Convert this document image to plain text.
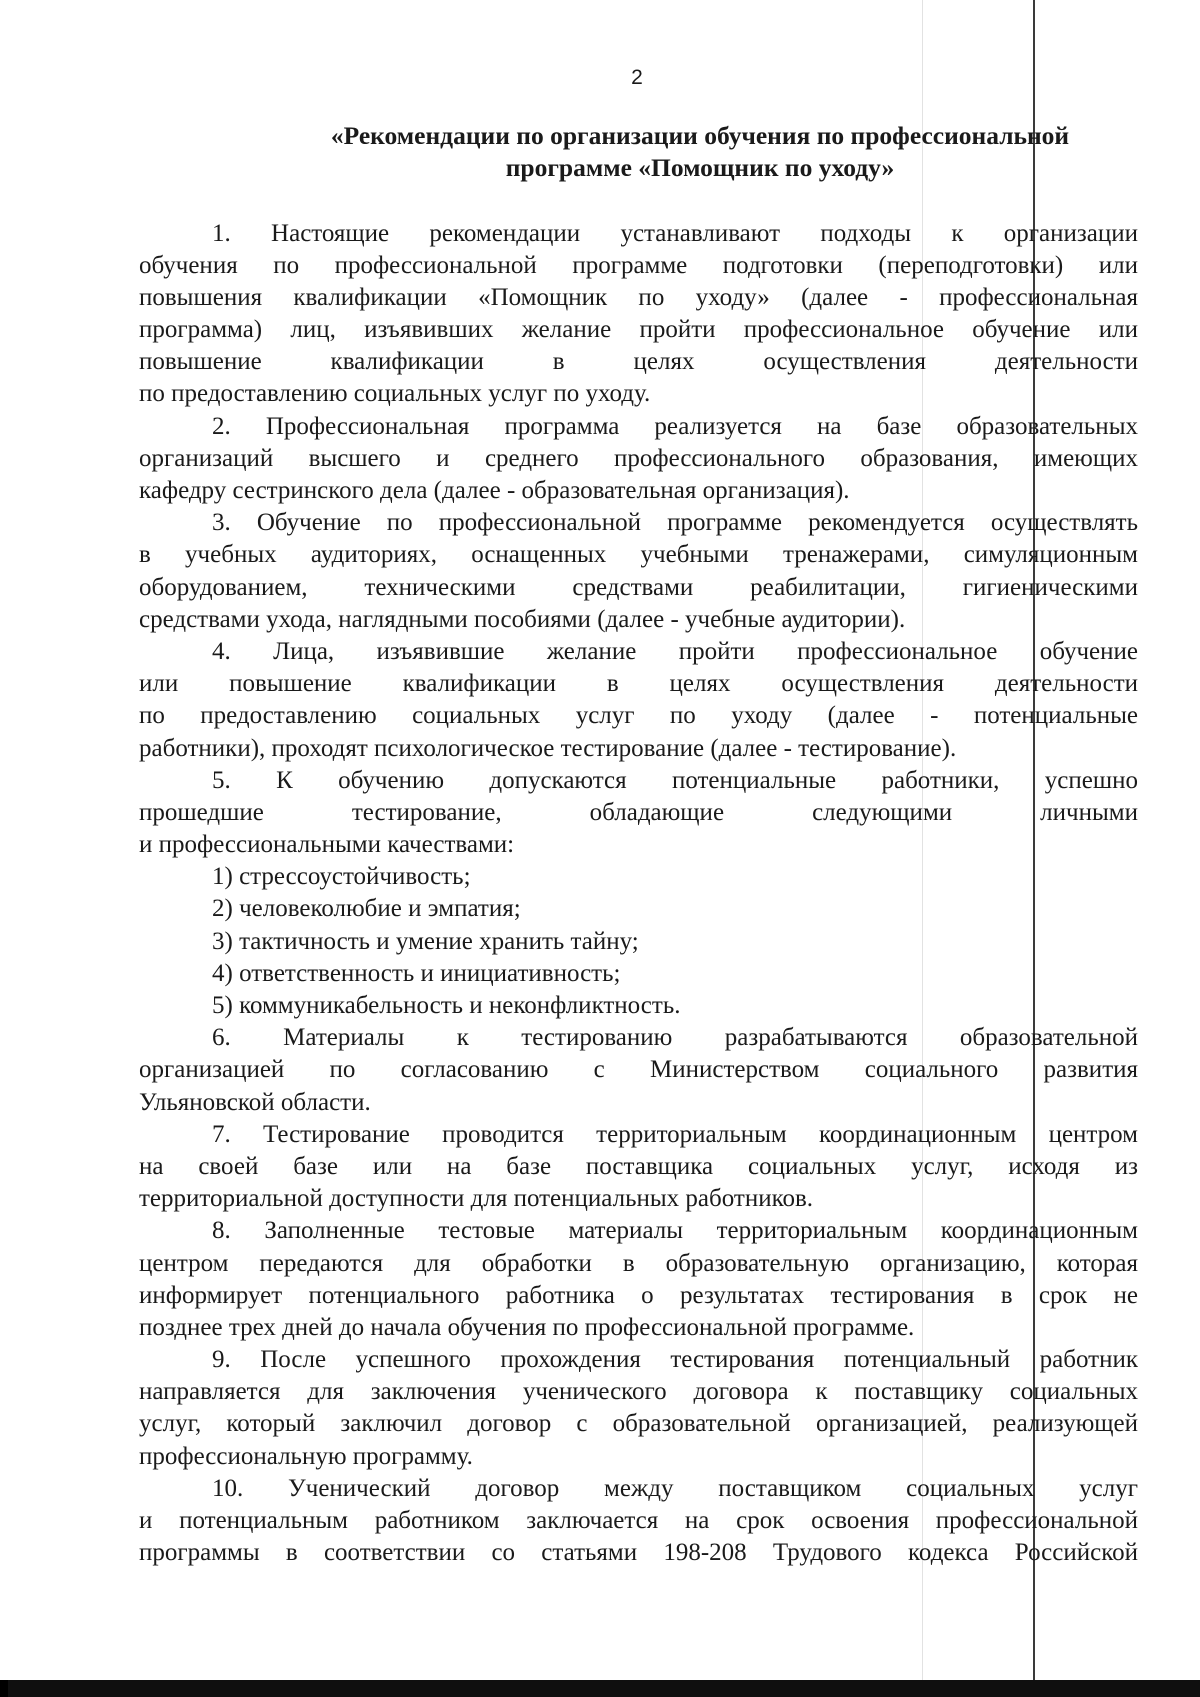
2
«Рекомендации по организации обучения по профессиональной
программе «Помощник по уходу»
1. Настоящие рекомендации устанавливают подходы к организации
обучения по профессиональной программе подготовки (переподготовки) или
повышения квалификации «Помощник по уходу» (далее - профессиональная
программа) лиц, изъявивших желание пройти профессиональное обучение или
повышение квалификации в целях осуществления деятельности
по предоставлению социальных услуг по уходу.
2. Профессиональная программа реализуется на базе образовательных
организаций высшего и среднего профессионального образования, имеющих
кафедру сестринского дела (далее - образовательная организация).
3. Обучение по профессиональной программе рекомендуется осуществлять
в учебных аудиториях, оснащенных учебными тренажерами, симуляционным
оборудованием, техническими средствами реабилитации, гигиеническими
средствами ухода, наглядными пособиями (далее - учебные аудитории).
4. Лица, изъявившие желание пройти профессиональное обучение
или повышение квалификации в целях осуществления деятельности
по предоставлению социальных услуг по уходу (далее - потенциальные
работники), проходят психологическое тестирование (далее - тестирование).
5. К обучению допускаются потенциальные работники, успешно
прошедшие тестирование, обладающие следующими личными
и профессиональными качествами:
1) стрессоустойчивость;
2) человеколюбие и эмпатия;
3) тактичность и умение хранить тайну;
4) ответственность и инициативность;
5) коммуникабельность и неконфликтность.
6. Материалы к тестированию разрабатываются образовательной
организацией по согласованию с Министерством социального развития
Ульяновской области.
7. Тестирование проводится территориальным координационным центром
на своей базе или на базе поставщика социальных услуг, исходя из
территориальной доступности для потенциальных работников.
8. Заполненные тестовые материалы территориальным координационным
центром передаются для обработки в образовательную организацию, которая
информирует потенциального работника о результатах тестирования в срок не
позднее трех дней до начала обучения по профессиональной программе.
9. После успешного прохождения тестирования потенциальный работник
направляется для заключения ученического договора к поставщику социальных
услуг, который заключил договор с образовательной организацией, реализующей
профессиональную программу.
10. Ученический договор между поставщиком социальных услуг
и потенциальным работником заключается на срок освоения профессиональной
программы в соответствии со статьями 198-208 Трудового кодекса Российской
